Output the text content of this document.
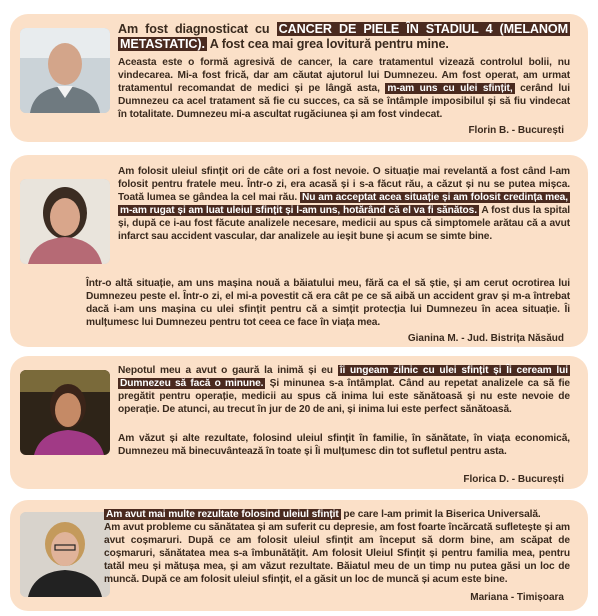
Am fost diagnosticat cu CANCER DE PIELE ÎN STADIUL 4 (MELANOM METASTATIC). A fost cea mai grea lovitură pentru mine.

Aceasta este o formă agresivă de cancer, la care tratamentul vizează controlul bolii, nu vindecarea. Mi-a fost frică, dar am căutat ajutorul lui Dumnezeu. Am fost operat, am urmat tratamentul recomandat de medici și pe lângă asta, m-am uns cu ulei sfințit, cerând lui Dumnezeu ca acel tratament să fie cu succes, ca să se întâmple imposibilul și să fiu vindecat în totalitate. Dumnezeu mi-a ascultat rugăciunea și am fost vindecat.

Florin B. - București

Am folosit uleiul sfințit ori de câte ori a fost nevoie. O situație mai revelantă a fost când l-am folosit pentru fratele meu. Într-o zi, era acasă și i s-a făcut rău, a căzut și nu se putea mișca. Toată lumea se gândea la cel mai rău. Nu am acceptat acea situație și am folosit credința mea, m-am rugat și am luat uleiul sfințit și l-am uns, hotărând că el va fi sănătos. A fost dus la spital și, după ce i-au fost făcute analizele necesare, medicii au spus că simptomele arătau că a avut infarct sau accident vascular, dar analizele au ieșit bune și acum se simte bine.

Într-o altă situație, am uns mașina nouă a băiatului meu, fără ca el să știe, și am cerut ocrotirea lui Dumnezeu peste el. Într-o zi, el mi-a povestit că era cât pe ce să aibă un accident grav și m-a întrebat dacă i-am uns mașina cu ulei sfințit pentru că a simțit protecția lui Dumnezeu în acea situație. Îi mulțumesc lui Dumnezeu pentru tot ceea ce face în viața mea.

Gianina M. - Jud. Bistrița Năsăud

Nepotul meu a avut o gaură la inimă și eu îi ungeam zilnic cu ulei sfințit și Îi ceream lui Dumnezeu să facă o minune. Și minunea s-a întâmplat. Când au repetat analizele ca să fie pregătit pentru operație, medicii au spus că inima lui este sănătoasă și nu este nevoie de operație. De atunci, au trecut în jur de 20 de ani, și inima lui este perfect sănătoasă.

Am văzut și alte rezultate, folosind uleiul sfințit în familie, în sănătate, în viața economică, Dumnezeu mă binecuvântează în toate și Îi mulțumesc din tot sufletul pentru asta.

Florica D. - București

Am avut mai multe rezultate folosind uleiul sfințit pe care l-am primit la Biserica Universală.

Am avut probleme cu sănătatea și am suferit cu depresie, am fost foarte încărcată sufletește și am avut coșmaruri. După ce am folosit uleiul sfințit am început să dorm bine, am scăpat de coșmaruri, sănătatea mea s-a îmbunătățit. Am folosit Uleiul Sfințit și pentru familia mea, pentru tatăl meu și mătușa mea, și am văzut rezultate. Băiatul meu de un timp nu putea găsi un loc de muncă. După ce am folosit uleiul sfințit, el a găsit un loc de muncă și acum este bine.

Mariana - Timișoara
